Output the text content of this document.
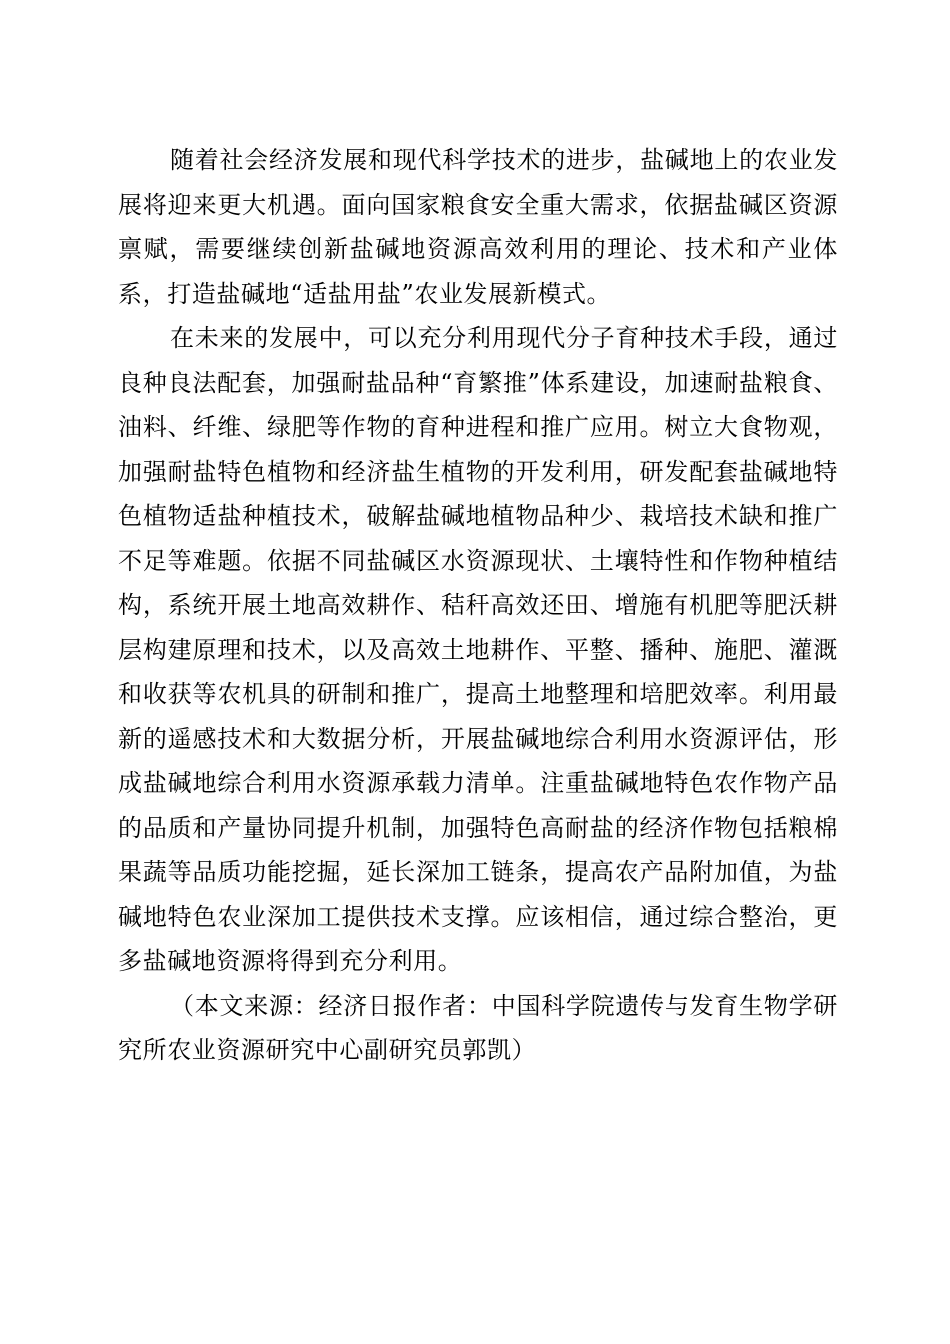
随着社会经济发展和现代科学技术的进步，盐碱地上的农业发展将迎来更大机遇。面向国家粮食安全重大需求，依据盐碱区资源禀赋，需要继续创新盐碱地资源高效利用的理论、技术和产业体系，打造盐碱地“适盐用盐”农业发展新模式。

在未来的发展中，可以充分利用现代分子育种技术手段，通过良种良法配套，加强耐盐品种“育繁推”体系建设，加速耐盐粮食、油料、纤维、绿肥等作物的育种进程和推广应用。树立大食物观，加强耐盐特色植物和经济盐生植物的开发利用，研发配套盐碱地特色植物适盐种植技术，破解盐碱地植物品种少、栽培技术缺和推广不足等难题。依据不同盐碱区水资源现状、土壤特性和作物种植结构，系统开展土地高效耕作、秸秆高效还田、增施有机肥等肥沃耕层构建原理和技术，以及高效土地耕作、平整、播种、施肥、灌溉和收获等农机具的研制和推广，提高土地整理和培肥效率。利用最新的遥感技术和大数据分析，开展盐碱地综合利用水资源评估，形成盐碱地综合利用水资源承载力清单。注重盐碱地特色农作物产品的品质和产量协同提升机制，加强特色高耐盐的经济作物包括粮棉果蔬等品质功能挖掘，延长深加工链条，提高农产品附加值，为盐碱地特色农业深加工提供技术支撑。应该相信，通过综合整治，更多盐碱地资源将得到充分利用。

（本文来源：经济日报作者：中国科学院遗传与发育生物学研究所农业资源研究中心副研究员郭凯）
